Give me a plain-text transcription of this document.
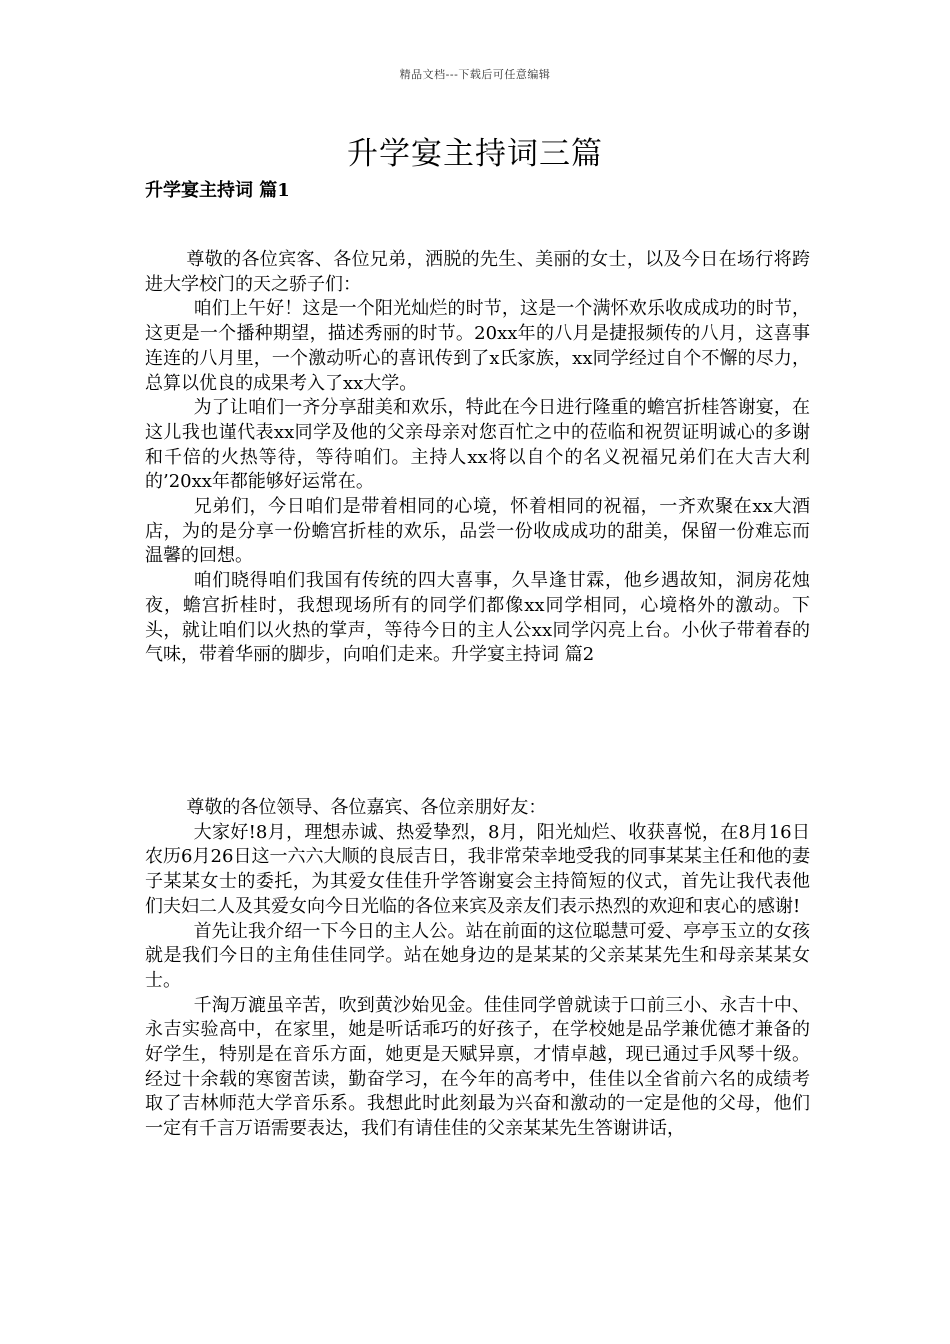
精品文档---下载后可任意编辑
升学宴主持词三篇
升学宴主持词 篇1

尊敬的各位宾客、各位兄弟，洒脱的先生、美丽的女士，以及今日在场行将跨进大学校门的天之骄子们：

咱们上午好！这是一个阳光灿烂的时节，这是一个满怀欢乐收成成功的时节，这更是一个播种期望，描述秀丽的时节。20xx年的八月是捷报频传的八月，这喜事连连的八月里，一个激动听心的喜讯传到了x氏家族，xx同学经过自个不懈的尽力，总算以优良的成果考入了xx大学。

为了让咱们一齐分享甜美和欢乐，特此在今日进行隆重的蟾宫折桂答谢宴，在这儿我也谨代表xx同学及他的父亲母亲对您百忙之中的莅临和祝贺证明诚心的多谢和千倍的火热等待，等待咱们。主持人xx将以自个的名义祝福兄弟们在大吉大利的’20xx年都能够好运常在。

兄弟们，今日咱们是带着相同的心境，怀着相同的祝福，一齐欢聚在xx大酒店，为的是分享一份蟾宫折桂的欢乐，品尝一份收成成功的甜美，保留一份难忘而温馨的回想。

咱们晓得咱们我国有传统的四大喜事，久旱逢甘霖，他乡遇故知，洞房花烛夜，蟾宫折桂时，我想现场所有的同学们都像xx同学相同，心境格外的激动。下头，就让咱们以火热的掌声，等待今日的主人公xx同学闪亮上台。小伙子带着春的气味，带着华丽的脚步，向咱们走来。升学宴主持词 篇2

尊敬的各位领导、各位嘉宾、各位亲朋好友：

大家好!8月，理想赤诚、热爱挚烈，8月，阳光灿烂、收获喜悦，在8月16日农历6月26日这一六六大顺的良辰吉日，我非常荣幸地受我的同事某某主任和他的妻子某某女士的委托，为其爱女佳佳升学答谢宴会主持简短的仪式，首先让我代表他们夫妇二人及其爱女向今日光临的各位来宾及亲友们表示热烈的欢迎和衷心的感谢!

首先让我介绍一下今日的主人公。站在前面的这位聪慧可爱、亭亭玉立的女孩就是我们今日的主角佳佳同学。站在她身边的是某某的父亲某某先生和母亲某某女士。

千淘万漉虽辛苦，吹到黄沙始见金。佳佳同学曾就读于口前三小、永吉十中、永吉实验高中，在家里，她是听话乖巧的好孩子，在学校她是品学兼优德才兼备的好学生，特别是在音乐方面，她更是天赋异禀，才情卓越，现已通过手风琴十级。经过十余载的寒窗苦读，勤奋学习，在今年的高考中，佳佳以全省前六名的成绩考取了吉林师范大学音乐系。我想此时此刻最为兴奋和激动的一定是他的父母，他们一定有千言万语需要表达，我们有请佳佳的父亲某某先生答谢讲话，
